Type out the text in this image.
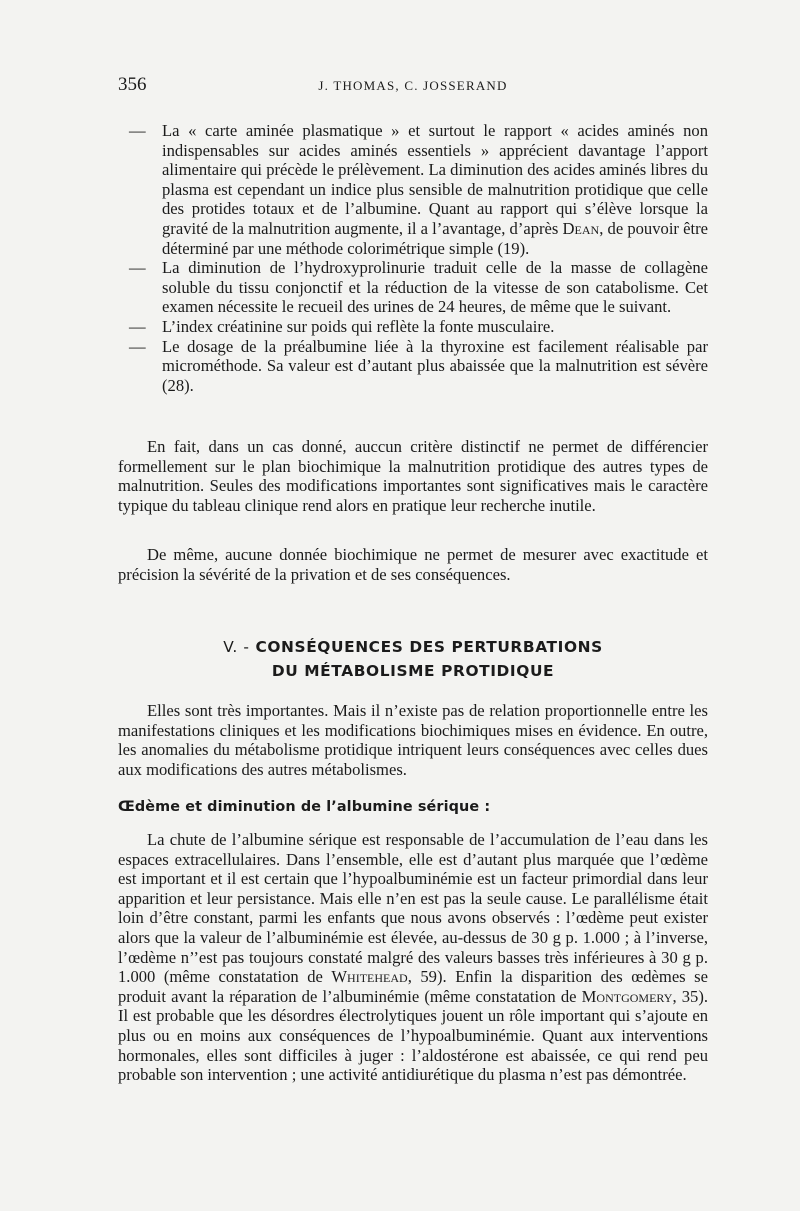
356	J. THOMAS, C. JOSSERAND
— La « carte aminée plasmatique » et surtout le rapport « acides aminés non indispensables sur acides aminés essentiels » apprécient davantage l’apport alimentaire qui précède le prélèvement. La diminution des acides aminés libres du plasma est cependant un indice plus sensible de malnutrition protidique que celle des protides totaux et de l’albumine. Quant au rapport qui s’élève lorsque la gravité de la malnutrition augmente, il a l’avantage, d’après Dean, de pouvoir être déterminé par une méthode colorimétrique simple (19).
— La diminution de l’hydroxyprolinurie traduit celle de la masse de collagène soluble du tissu conjonctif et la réduction de la vitesse de son catabolisme. Cet examen nécessite le recueil des urines de 24 heures, de même que le suivant.
— L’index créatinine sur poids qui reflète la fonte musculaire.
— Le dosage de la préalbumine liée à la thyroxine est facilement réalisable par microméthode. Sa valeur est d’autant plus abaissée que la malnutrition est sévère (28).

En fait, dans un cas donné, auccun critère distinctif ne permet de différencier formellement sur le plan biochimique la malnutrition protidique des autres types de malnutrition. Seules des modifications importantes sont significatives mais le caractère typique du tableau clinique rend alors en pratique leur recherche inutile.

De même, aucune donnée biochimique ne permet de mesurer avec exactitude et précision la sévérité de la privation et de ses conséquences.

V. - CONSÉQUENCES DES PERTURBATIONS
DU MÉTABOLISME PROTIDIQUE

Elles sont très importantes. Mais il n’existe pas de relation proportionnelle entre les manifestations cliniques et les modifications biochimiques mises en évidence. En outre, les anomalies du métabolisme protidique intriquent leurs conséquences avec celles dues aux modifications des autres métabolismes.

Œdème et diminution de l’albumine sérique :

La chute de l’albumine sérique est responsable de l’accumulation de l’eau dans les espaces extracellulaires. Dans l’ensemble, elle est d’autant plus marquée que l’œdème est important et il est certain que l’hypoalbuminémie est un facteur primordial dans leur apparition et leur persistance. Mais elle n’en est pas la seule cause. Le parallélisme était loin d’être constant, parmi les enfants que nous avons observés : l’œdème peut exister alors que la valeur de l’albuminémie est élevée, au-dessus de 30 g p. 1.000 ; à l’inverse, l’œdème n’’est pas toujours constaté malgré des valeurs basses très inférieures à 30 g p. 1.000 (même constatation de Whitehead, 59). Enfin la disparition des œdèmes se produit avant la réparation de l’albuminémie (même constatation de Montgomery, 35). Il est probable que les désordres électrolytiques jouent un rôle important qui s’ajoute en plus ou en moins aux conséquences de l’hypoalbuminémie. Quant aux interventions hormonales, elles sont difficiles à juger : l’aldostérone est abaissée, ce qui rend peu probable son intervention ; une activité antidiurétique du plasma n’est pas démontrée.
